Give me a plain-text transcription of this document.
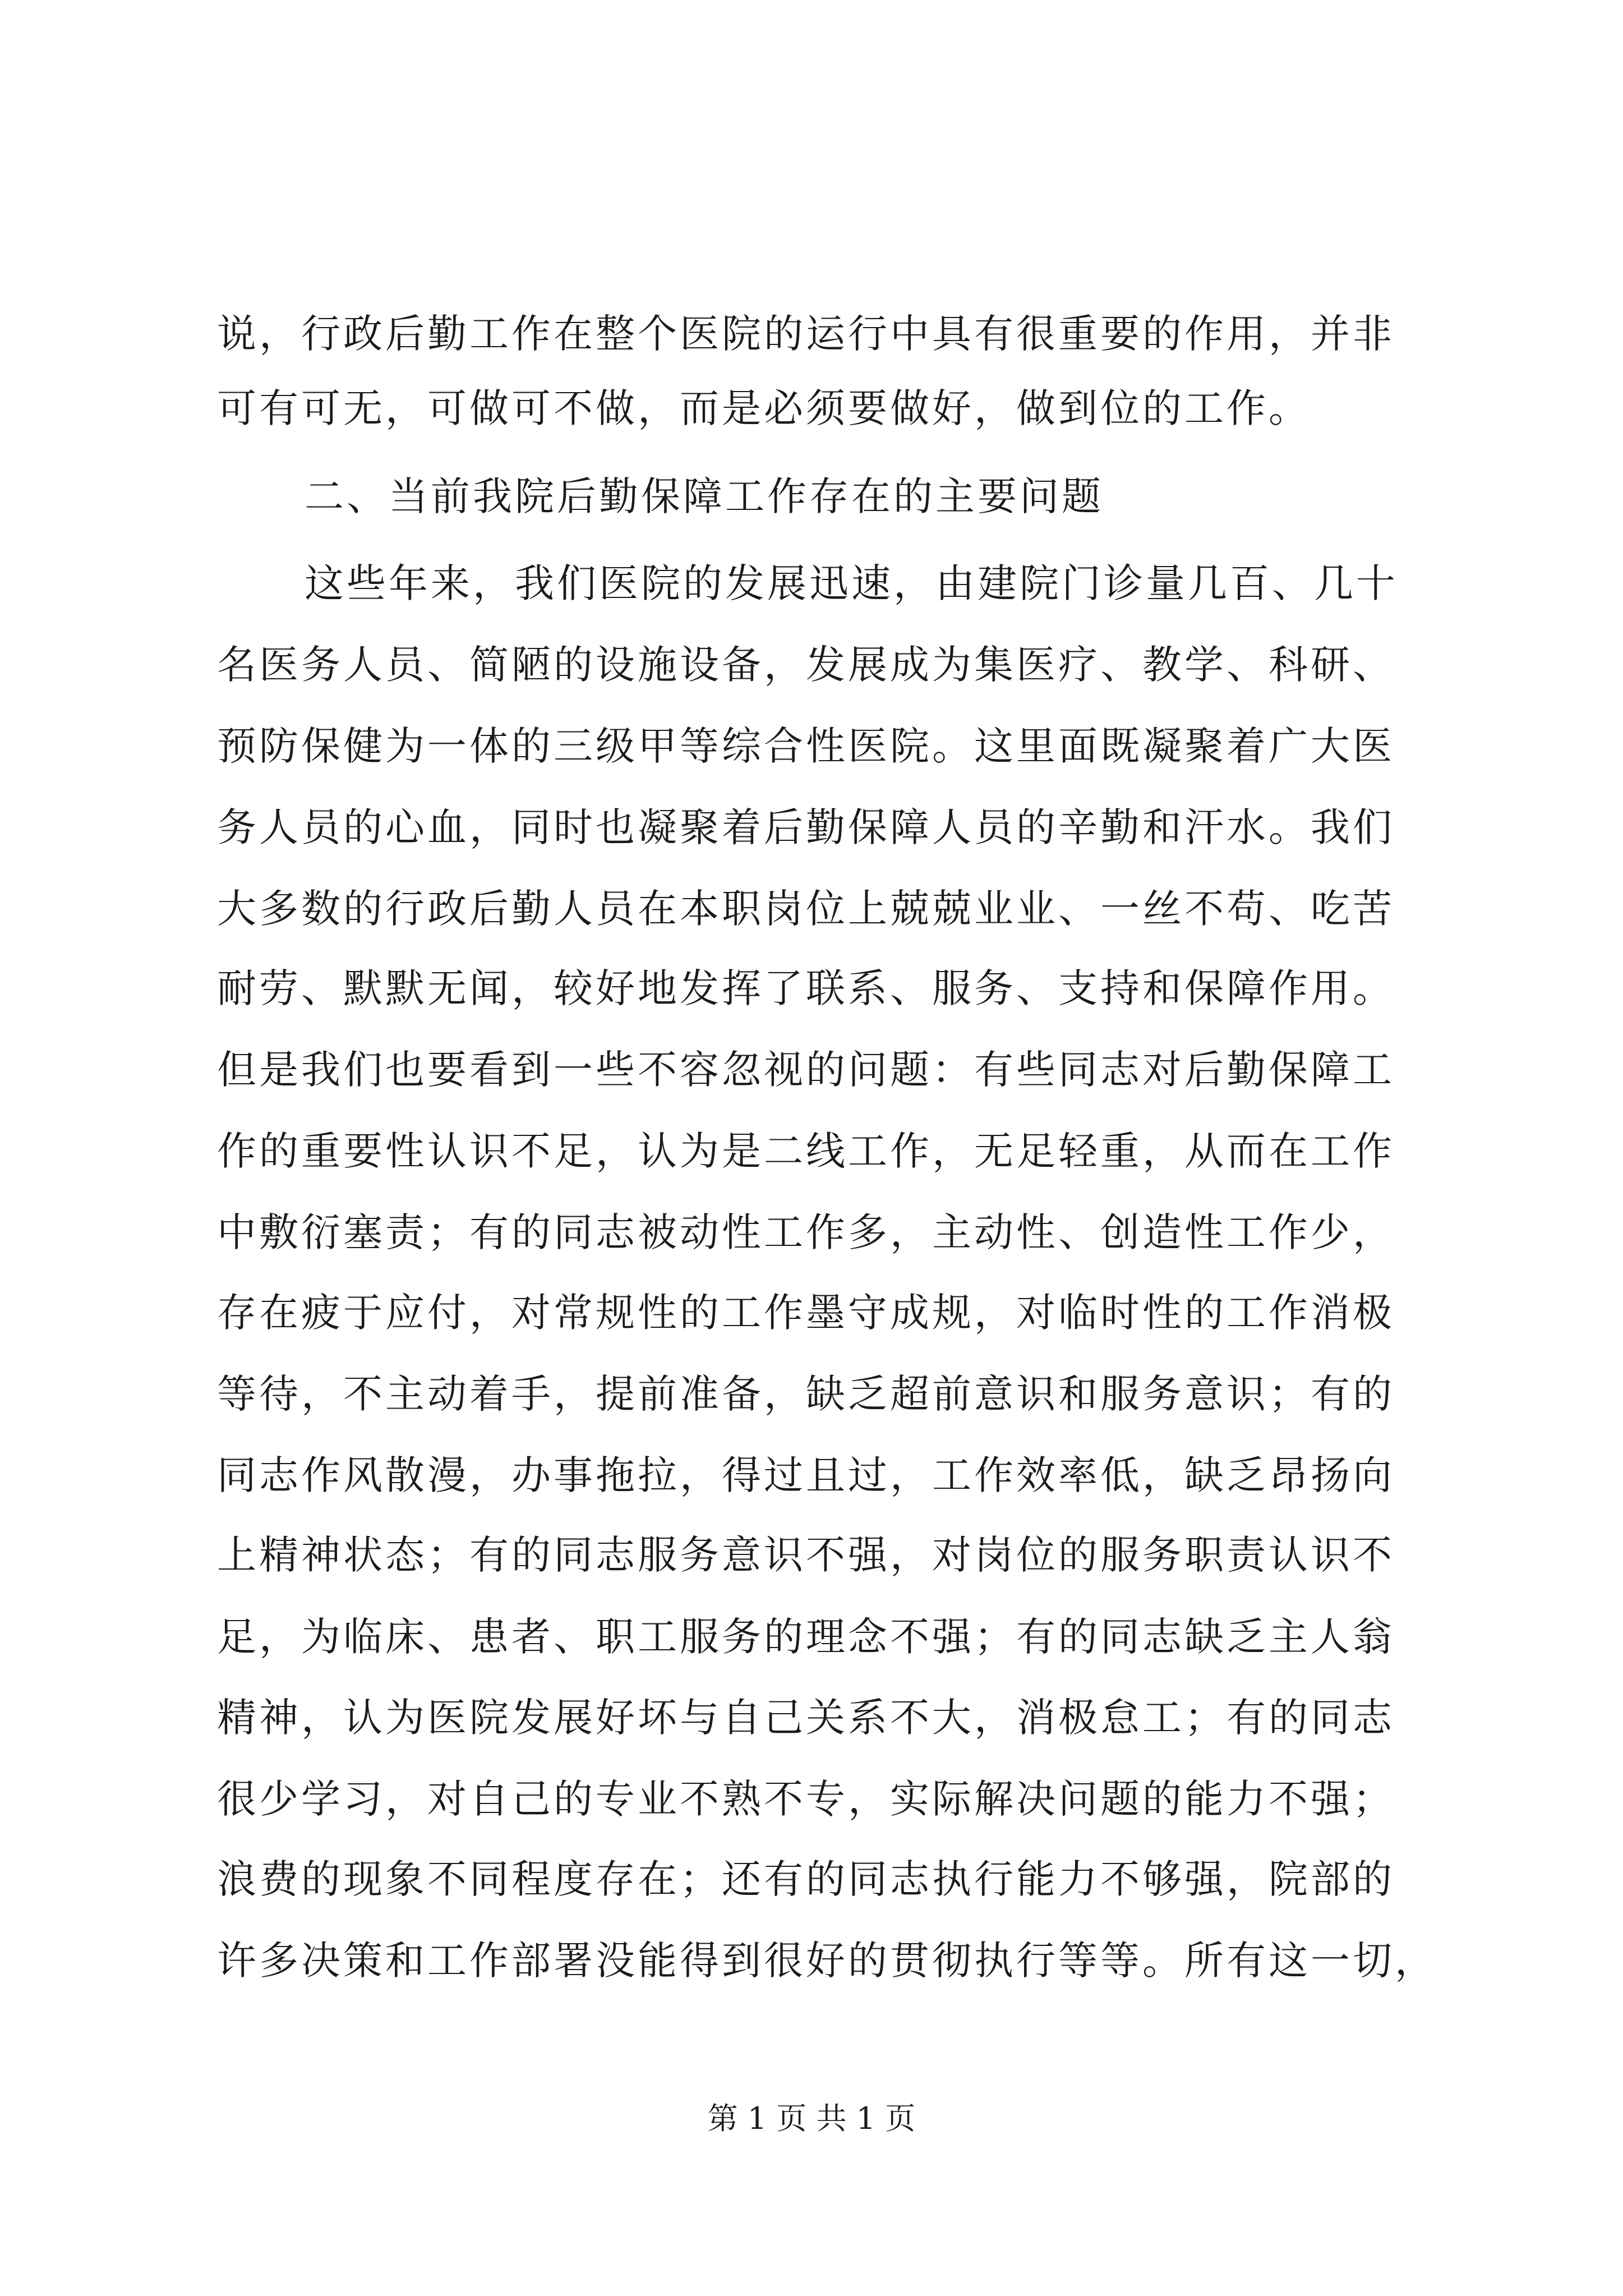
说，行政后勤工作在整个医院的运行中具有很重要的作用，并非
可有可无，可做可不做，而是必须要做好，做到位的工作。
二、当前我院后勤保障工作存在的主要问题
这些年来，我们医院的发展迅速，由建院门诊量几百、几十
名医务人员、简陋的设施设备，发展成为集医疗、教学、科研、
预防保健为一体的三级甲等综合性医院。这里面既凝聚着广大医
务人员的心血，同时也凝聚着后勤保障人员的辛勤和汗水。我们
大多数的行政后勤人员在本职岗位上兢兢业业、一丝不苟、吃苦
耐劳、默默无闻，较好地发挥了联系、服务、支持和保障作用。
但是我们也要看到一些不容忽视的问题：有些同志对后勤保障工
作的重要性认识不足，认为是二线工作，无足轻重，从而在工作
中敷衍塞责；有的同志被动性工作多，主动性、创造性工作少，
存在疲于应付，对常规性的工作墨守成规，对临时性的工作消极
等待，不主动着手，提前准备，缺乏超前意识和服务意识；有的
同志作风散漫，办事拖拉，得过且过，工作效率低，缺乏昂扬向
上精神状态；有的同志服务意识不强，对岗位的服务职责认识不
足，为临床、患者、职工服务的理念不强；有的同志缺乏主人翁
精神，认为医院发展好坏与自己关系不大，消极怠工；有的同志
很少学习，对自己的专业不熟不专，实际解决问题的能力不强；
浪费的现象不同程度存在；还有的同志执行能力不够强，院部的
许多决策和工作部署没能得到很好的贯彻执行等等。所有这一切，
第 1 页 共 1 页
